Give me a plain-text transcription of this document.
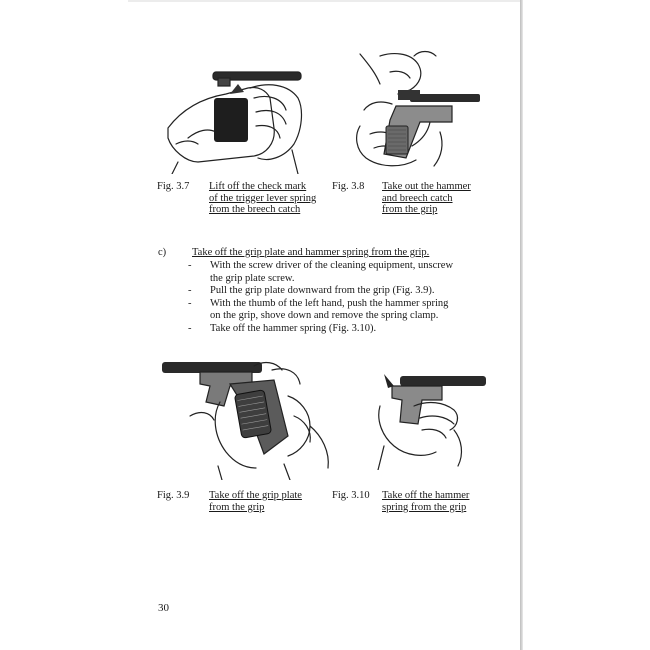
Fig. 3.7 Lift off the check mark
of the trigger lever spring
from the breech catch
Fig. 3.8 Take out the hammer
and breech catch
from the grip
c) Take off the grip plate and hammer spring from the grip.
- With the screw driver of the cleaning equipment, unscrew
the grip plate screw.
- Pull the grip plate downward from the grip (Fig. 3.9).
- With the thumb of the left hand, push the hammer spring
on the grip, shove down and remove the spring clamp.
- Take off the hammer spring (Fig. 3.10).
Fig. 3.9 Take off the grip plate
from the grip
Fig. 3.10 Take off the hammer
spring from the grip
30
